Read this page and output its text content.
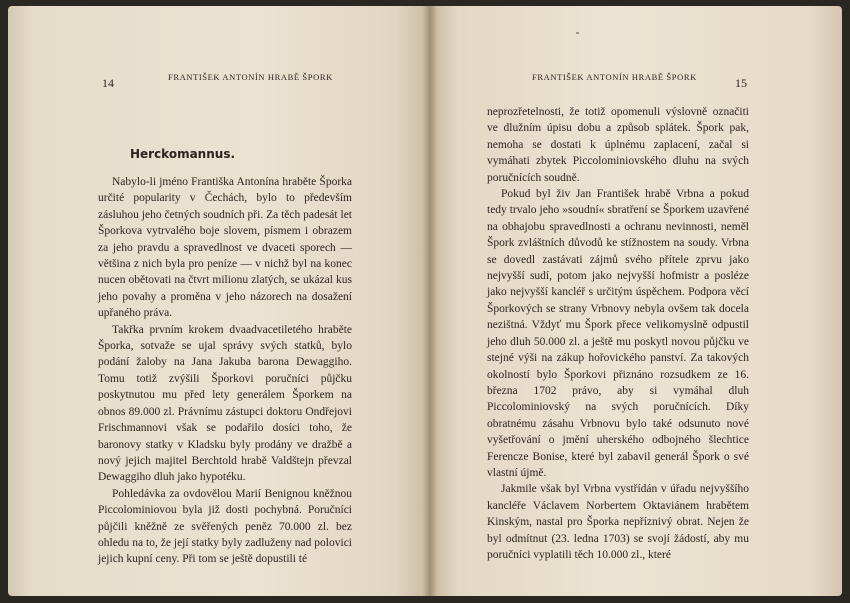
14	FRANTIŠEK ANTONÍN HRABĚ ŠPORK
Herckomannus.

Nabylo-li jméno Františka Antonína hraběte Šporka určité popularity v Čechách, bylo to především zásluhou jeho četných soudních při. Za těch padesát let Šporkova vytrvalého boje slovem, písmem i obrazem za jeho pravdu a spravedlnost ve dvaceti sporech — většina z nich byla pro peníze — v nichž byl na konec nucen obětovati na čtvrt milionu zlatých, se ukázal kus jeho povahy a proměna v jeho názorech na dosažení upřaného práva.

Takřka prvním krokem dvaadvacetiletého hraběte Šporka, sotvaže se ujal správy svých statků, bylo podání žaloby na Jana Jakuba barona Dewaggiho. Tomu totiž zvýšili Šporkovi poručníci půjčku poskytnutou mu před lety generálem Šporkem na obnos 89.000 zl. Právnímu zástupci doktoru Ondřejovi Frischmannovi však se podařilo dosíci toho, že baronovy statky v Kladsku byly prodány ve dražbě a nový jejich majitel Berchtold hrabě Valdštejn převzal Dewaggiho dluh jako hypotéku.

Pohledávka za ovdovělou Marií Benignou kněžnou Piccolominiovou byla již dosti pochybná. Poručníci půjčili kněžně ze svěřených peněz 70.000 zl. bez ohledu na to, že její statky byly zadluženy nad polovici jejich kupní ceny. Při tom se ještě dopustili té

FRANTIŠEK ANTONÍN HRABĚ ŠPORK	15

neprozřetelnosti, že totiž opomenuli výslovně označiti ve dlužním úpisu dobu a způsob splátek. Špork pak, nemoha se dostati k úplnému zaplacení, začal si vymáhati zbytek Piccolominiovského dluhu na svých poručnících soudně.

Pokud byl živ Jan František hrabě Vrbna a pokud tedy trvalo jeho »soudní« sbratření se Šporkem uzavřené na obhajobu spravedlnosti a ochranu nevinnosti, neměl Špork zvláštních důvodů ke stížnostem na soudy. Vrbna se dovedl zastávati zájmů svého přítele zprvu jako nejvyšší sudí, potom jako nejvyšší hofmistr a posléze jako nejvyšší kancléř s určitým úspěchem. Podpora věcí Šporkových se strany Vrbnovy nebyla ovšem tak docela nezištná. Vždyť mu Špork přece velikomyslně odpustil jeho dluh 50.000 zl. a ještě mu poskytl novou půjčku ve stejné výši na zákup hořovického panství. Za takových okolností bylo Šporkovi přiznáno rozsudkem ze 16. března 1702 právo, aby si vymáhal dluh Piccolominiovský na svých poručnících. Díky obratnému zásahu Vrbnovu bylo také odsunuto nové vyšetřování o jmění uherského odbojného šlechtice Ferencze Bonise, které byl zabavil generál Špork o své vlastní újmě.

Jakmile však byl Vrbna vystřídán v úřadu nejvyššího kancléře Václavem Norbertem Oktaviánem hrabětem Kinským, nastal pro Šporka nepříznivý obrat. Nejen že byl odmítnut (23. ledna 1703) se svojí žádostí, aby mu poručníci vyplatili těch 10.000 zl., které
